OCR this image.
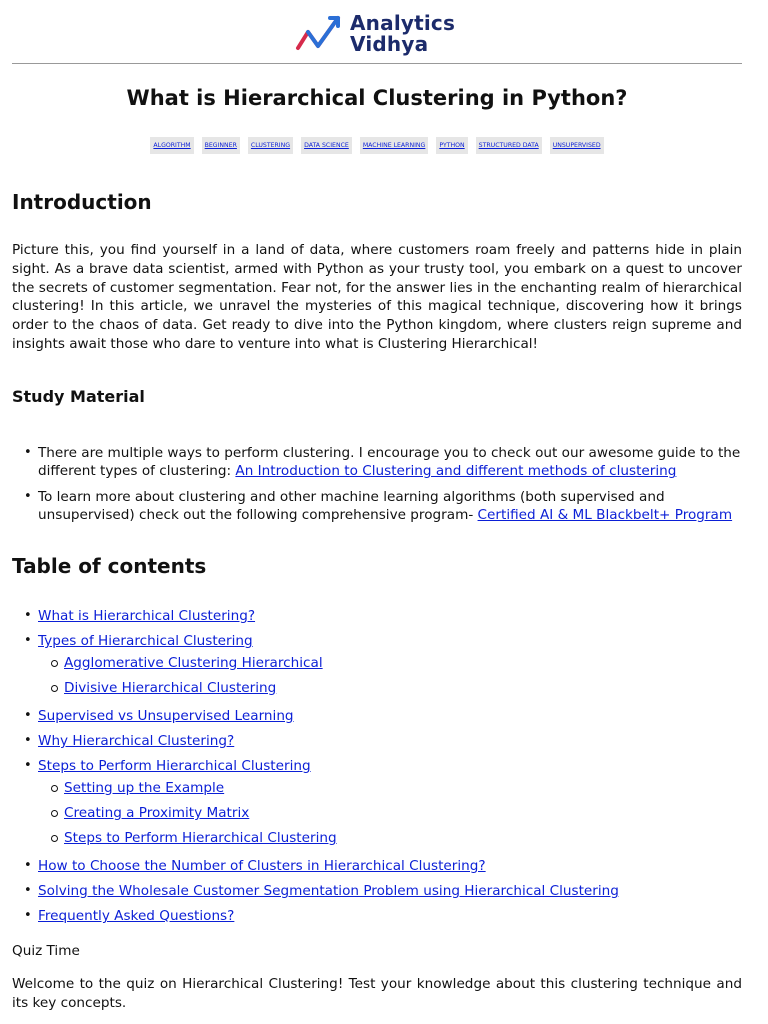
Analytics
Vidhya
What is Hierarchical Clustering in Python?
ALGORITHM	BEGINNER	CLUSTERING	DATA SCIENCE	MACHINE LEARNING	PYTHON	STRUCTURED DATA	UNSUPERVISED
Introduction

Picture this, you find yourself in a land of data, where customers roam freely and patterns hide in plain sight. As a brave data scientist, armed with Python as your trusty tool, you embark on a quest to uncover the secrets of customer segmentation. Fear not, for the answer lies in the enchanting realm of hierarchical clustering! In this article, we unravel the mysteries of this magical technique, discovering how it brings order to the chaos of data. Get ready to dive into the Python kingdom, where clusters reign supreme and insights await those who dare to venture into what is Clustering Hierarchical!

Study Material
• There are multiple ways to perform clustering. I encourage you to check out our awesome guide to the different types of clustering: An Introduction to Clustering and different methods of clustering
• To learn more about clustering and other machine learning algorithms (both supervised and unsupervised) check out the following comprehensive program- Certified AI & ML Blackbelt+ Program
Table of contents
• What is Hierarchical Clustering?
• Types of Hierarchical Clustering
Agglomerative Clustering Hierarchical
Divisive Hierarchical Clustering
• Supervised vs Unsupervised Learning
• Why Hierarchical Clustering?
• Steps to Perform Hierarchical Clustering
Setting up the Example
Creating a Proximity Matrix
Steps to Perform Hierarchical Clustering
• How to Choose the Number of Clusters in Hierarchical Clustering?
• Solving the Wholesale Customer Segmentation Problem using Hierarchical Clustering
• Frequently Asked Questions?
Quiz Time

Welcome to the quiz on Hierarchical Clustering! Test your knowledge about this clustering technique and its key concepts.
